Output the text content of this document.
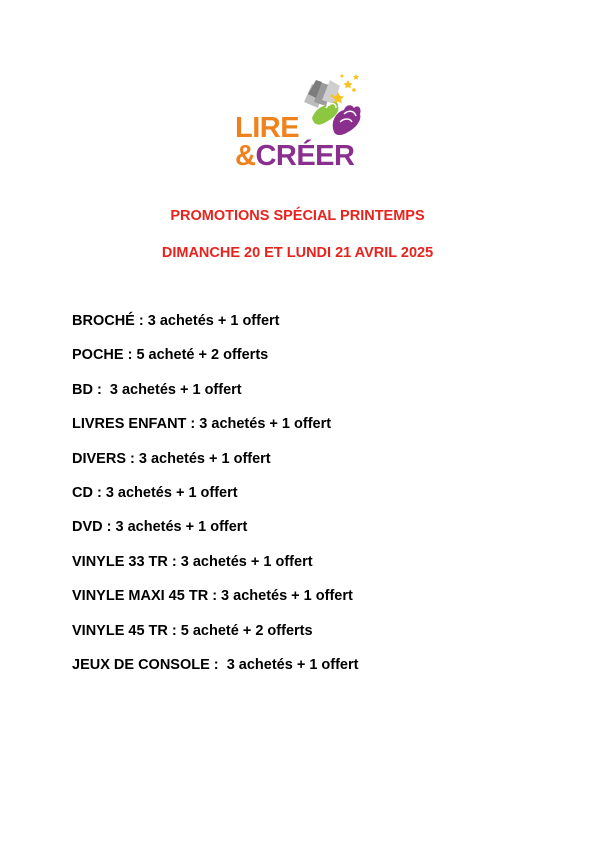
LIRE
&CRÉER
PROMOTIONS SPÉCIAL PRINTEMPS
DIMANCHE 20 ET LUNDI 21 AVRIL 2025
BROCHÉ : 3 achetés + 1 offert
POCHE : 5 acheté + 2 offerts
BD :  3 achetés + 1 offert
LIVRES ENFANT : 3 achetés + 1 offert
DIVERS : 3 achetés + 1 offert
CD : 3 achetés + 1 offert
DVD : 3 achetés + 1 offert
VINYLE 33 TR : 3 achetés + 1 offert
VINYLE MAXI 45 TR : 3 achetés + 1 offert
VINYLE 45 TR : 5 acheté + 2 offerts
JEUX DE CONSOLE :  3 achetés + 1 offert
